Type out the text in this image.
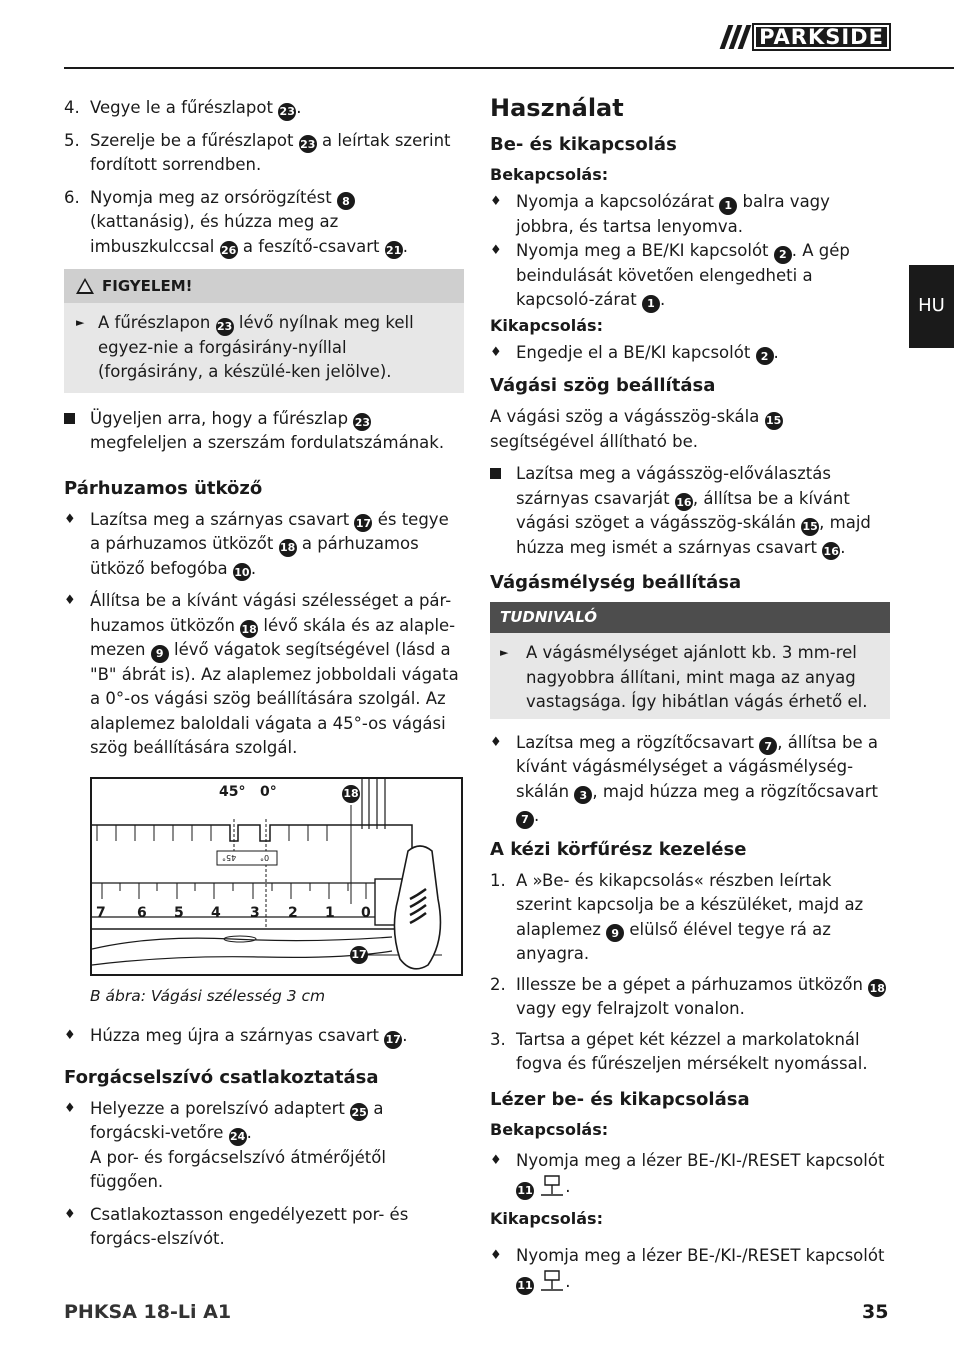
PARKSIDE
HU
4. Vegye le a fűrészlapot 23.
5. Szerelje be a fűrészlapot 23 a leírtak szerint fordított sorrendben.
6. Nyomja meg az orsórögzítést 8 (kattanásig), és húzza meg az imbuszkulccsal 26 a feszítő-csavart 21.
FIGYELEM!
► A fűrészlapon 23 lévő nyílnak meg kell egyez-nie a forgásirány-nyíllal (forgásirány, a készülé-ken jelölve).
Ügyeljen arra, hogy a fűrészlap 23 megfeleljen a szerszám fordulatszámának.
Párhuzamos ütköző
♦ Lazítsa meg a szárnyas csavart 17 és tegye a párhuzamos ütközőt 18 a párhuzamos ütköző befogóba 10.
♦ Állítsa be a kívánt vágási szélességet a pár-huzamos ütközőn 18 lévő skála és az alaple-mezen 9 lévő vágatok segítségével (lásd a "B" ábrát is). Az alaplemez jobboldali vágata a 0°-os vágási szög beállítására szolgál. Az alaplemez baloldali vágata a 45°-os vágási szög beállítására szolgál.
45° 0°
45°	0°
7 6 5 4 3 2 1 0
18
17
B ábra: Vágási szélesség 3 cm
♦ Húzza meg újra a szárnyas csavart 17.
Forgácselszívó csatlakoztatása
♦ Helyezze a porelszívó adaptert 25 a forgácski-vetőre 24.
A por- és forgácselszívó átmérőjétől függően.
♦ Csatlakoztasson engedélyezett por- és forgács-elszívót.
Használat
Be- és kikapcsolás
Bekapcsolás:
♦ Nyomja a kapcsolózárat 1 balra vagy jobbra, és tartsa lenyomva.
♦ Nyomja meg a BE/KI kapcsolót 2 . A gép beindulását követően elengedheti a kapcsoló-zárat 1 .
Kikapcsolás:
♦ Engedje el a BE/KI kapcsolót 2 .
Vágási szög beállítása

A vágási szög a vágásszög-skála 15 segítségével állítható be.

Lazítsa meg a vágásszög-előválasztás szárnyas csavarját 16, állítsa be a kívánt vágási szöget a vágásszög-skálán 15, majd húzza meg ismét a szárnyas csavart 16.
Vágásmélység beállítása
TUDNIVALÓ
►	A vágásmélységet ajánlott kb. 3 mm-rel nagyobbra állítani, mint maga az anyag vastagsága. Így hibátlan vágás érhető el.
♦ Lazítsa meg a rögzítőcsavart 7 , állítsa be a kívánt vágásmélységet a vágásmélység-skálán 3 , majd húzza meg a rögzítőcsavart 7 .
A kézi körfűrész kezelése
1. A »Be- és kikapcsolás« részben leírtak szerint kapcsolja be a készüléket, majd az alaplemez 9 elülső élével tegye rá az anyagra.
2. Illessze be a gépet a párhuzamos ütközőn 18 vagy egy felrajzolt vonalon.
3. Tartsa a gépet két kézzel a markolatoknál fogva és fűrészeljen mérsékelt nyomással.
Lézer be- és kikapcsolása
Bekapcsolás:
♦ Nyomja meg a lézer BE-/KI-/RESET kapcsolót 11 .
Kikapcsolás:
♦ Nyomja meg a lézer BE-/KI-/RESET kapcsolót 11 .
PHKSA 18-Li A1	35
